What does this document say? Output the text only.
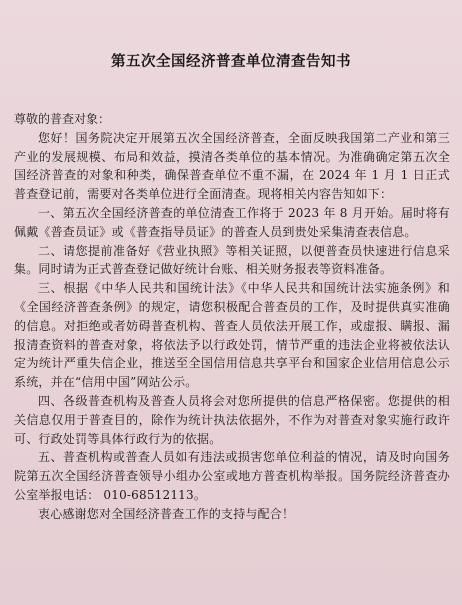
第五次全国经济普查单位清查告知书

尊敬的普查对象：

您好！国务院决定开展第五次全国经济普查，全面反映我国第二产业和第三产业的发展规模、布局和效益，摸清各类单位的基本情况。为准确确定第五次全国经济普查的对象和种类，确保普查单位不重不漏，在 2024 年 1 月 1 日正式普查登记前，需要对各类单位进行全面清查。现将相关内容告知如下：

一、第五次全国经济普查的单位清查工作将于 2023 年 8 月开始。届时将有佩戴《普查员证》或《普查指导员证》的普查人员到贵处采集清查表信息。

二、请您提前准备好《营业执照》等相关证照，以便普查员快速进行信息采集。同时请为正式普查登记做好统计台账、相关财务报表等资料准备。

三、根据《中华人民共和国统计法》《中华人民共和国统计法实施条例》和《全国经济普查条例》的规定，请您积极配合普查员的工作，及时提供真实准确的信息。对拒绝或者妨碍普查机构、普查人员依法开展工作，或虚报、瞒报、漏报清查资料的普查对象，将依法予以行政处罚，情节严重的违法企业将被依法认定为统计严重失信企业，推送至全国信用信息共享平台和国家企业信用信息公示系统，并在“信用中国”网站公示。

四、各级普查机构及普查人员将会对您所提供的信息严格保密。您提供的相关信息仅用于普查目的，除作为统计执法依据外，不作为对普查对象实施行政许可、行政处罚等具体行政行为的依据。

五、普查机构或普查人员如有违法或损害您单位利益的情况，请及时向国务院第五次全国经济普查领导小组办公室或地方普查机构举报。国务院经济普查办公室举报电话： 010-68512113。

衷心感谢您对全国经济普查工作的支持与配合！
